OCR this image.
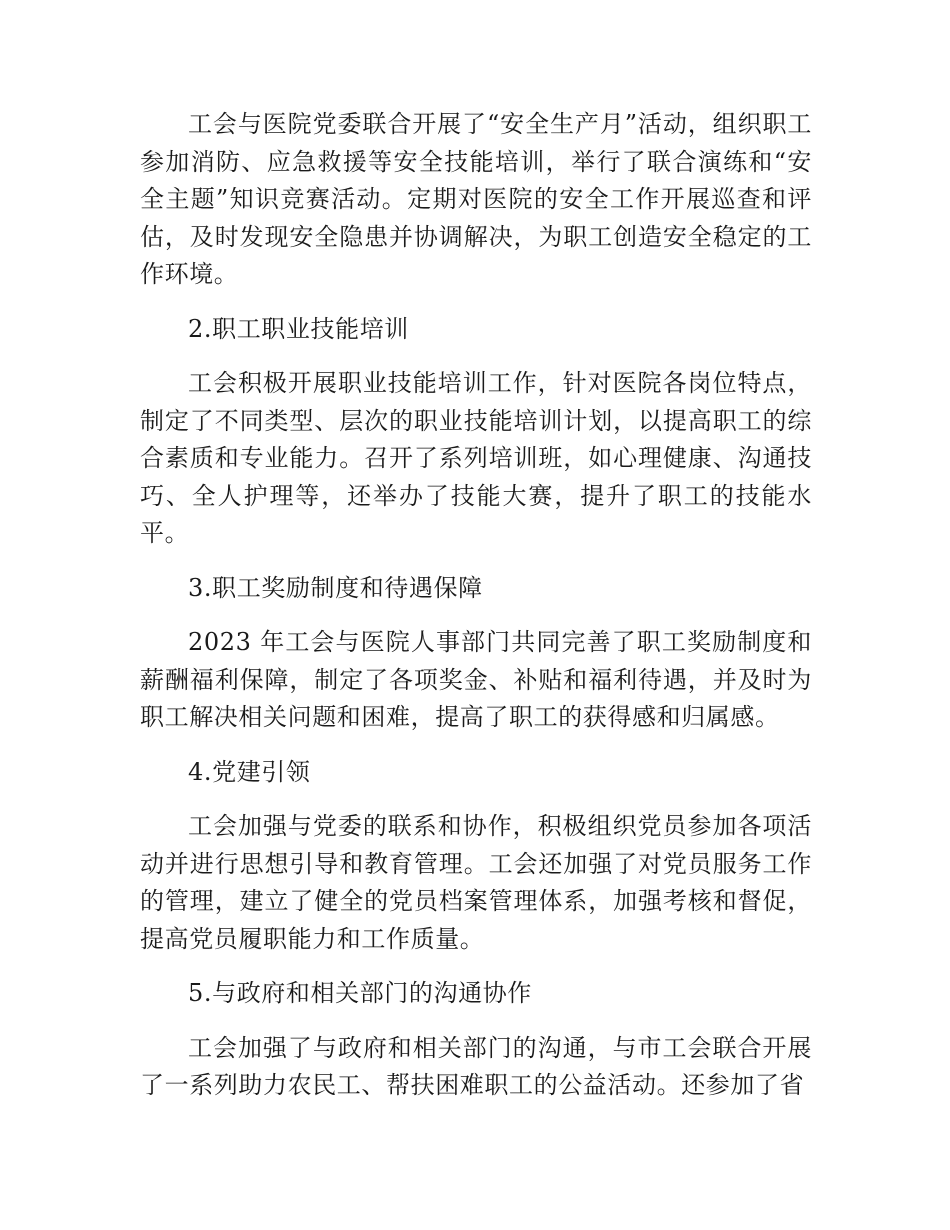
工会与医院党委联合开展了“安全生产月”活动，组织职工参加消防、应急救援等安全技能培训，举行了联合演练和“安全主题”知识竞赛活动。定期对医院的安全工作开展巡查和评估，及时发现安全隐患并协调解决，为职工创造安全稳定的工作环境。

2.职工职业技能培训

工会积极开展职业技能培训工作，针对医院各岗位特点，制定了不同类型、层次的职业技能培训计划，以提高职工的综合素质和专业能力。召开了系列培训班，如心理健康、沟通技巧、全人护理等，还举办了技能大赛，提升了职工的技能水平。

3.职工奖励制度和待遇保障

2023 年工会与医院人事部门共同完善了职工奖励制度和薪酬福利保障，制定了各项奖金、补贴和福利待遇，并及时为职工解决相关问题和困难，提高了职工的获得感和归属感。

4.党建引领

工会加强与党委的联系和协作，积极组织党员参加各项活动并进行思想引导和教育管理。工会还加强了对党员服务工作的管理，建立了健全的党员档案管理体系，加强考核和督促，提高党员履职能力和工作质量。

5.与政府和相关部门的沟通协作

工会加强了与政府和相关部门的沟通，与市工会联合开展了一系列助力农民工、帮扶困难职工的公益活动。还参加了省
